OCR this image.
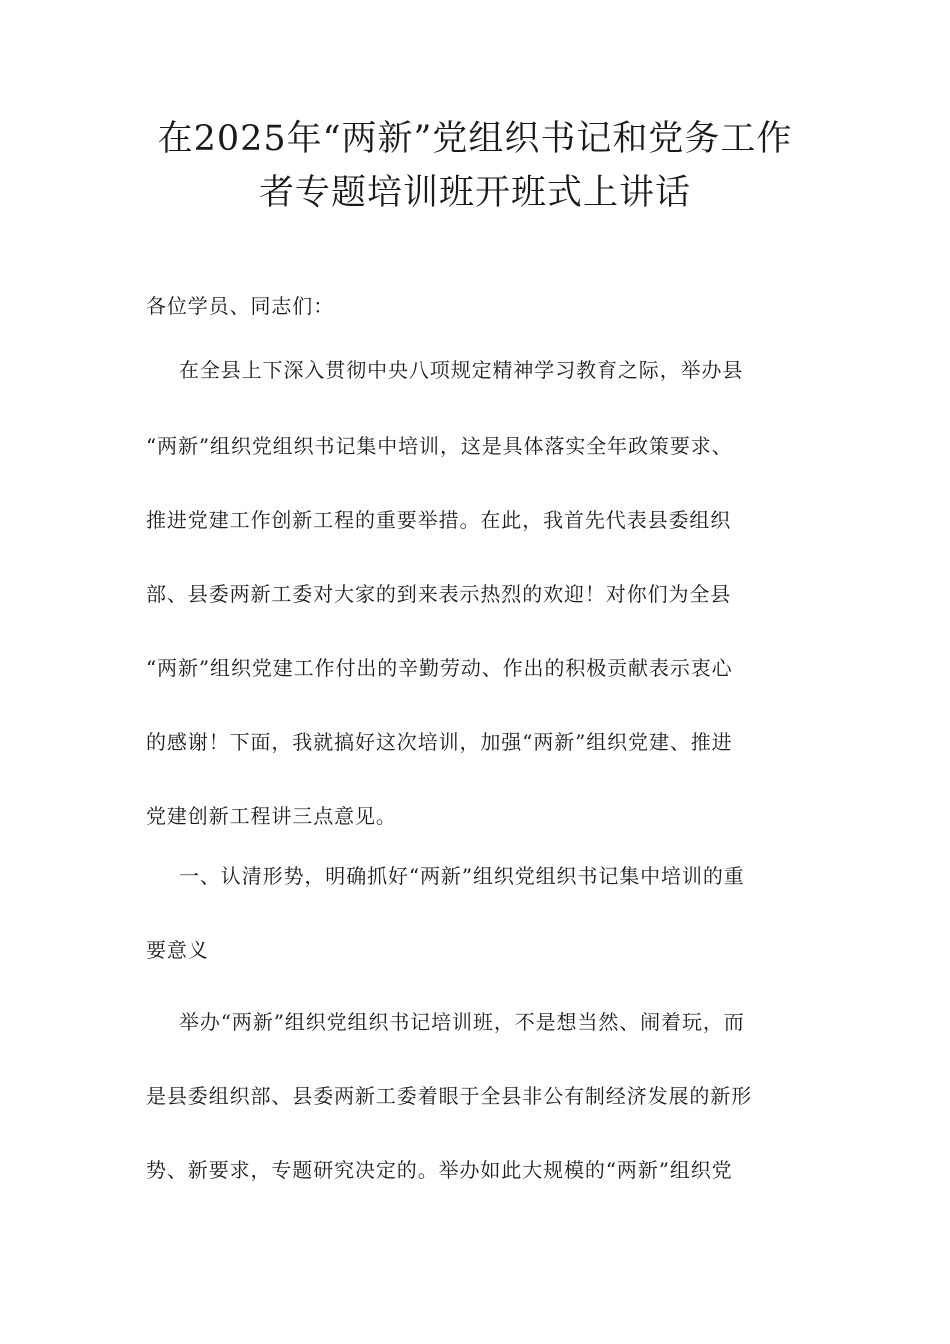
在2025年“两新”党组织书记和党务工作
者专题培训班开班式上讲话
各位学员、同志们：
在全县上下深入贯彻中央八项规定精神学习教育之际，举办县
“两新”组织党组织书记集中培训，这是具体落实全年政策要求、
推进党建工作创新工程的重要举措。在此，我首先代表县委组织
部、县委两新工委对大家的到来表示热烈的欢迎！对你们为全县
“两新”组织党建工作付出的辛勤劳动、作出的积极贡献表示衷心
的感谢！下面，我就搞好这次培训，加强“两新”组织党建、推进
党建创新工程讲三点意见。
一、认清形势，明确抓好“两新”组织党组织书记集中培训的重
要意义
举办“两新”组织党组织书记培训班，不是想当然、闹着玩，而
是县委组织部、县委两新工委着眼于全县非公有制经济发展的新形
势、新要求，专题研究决定的。举办如此大规模的“两新”组织党
